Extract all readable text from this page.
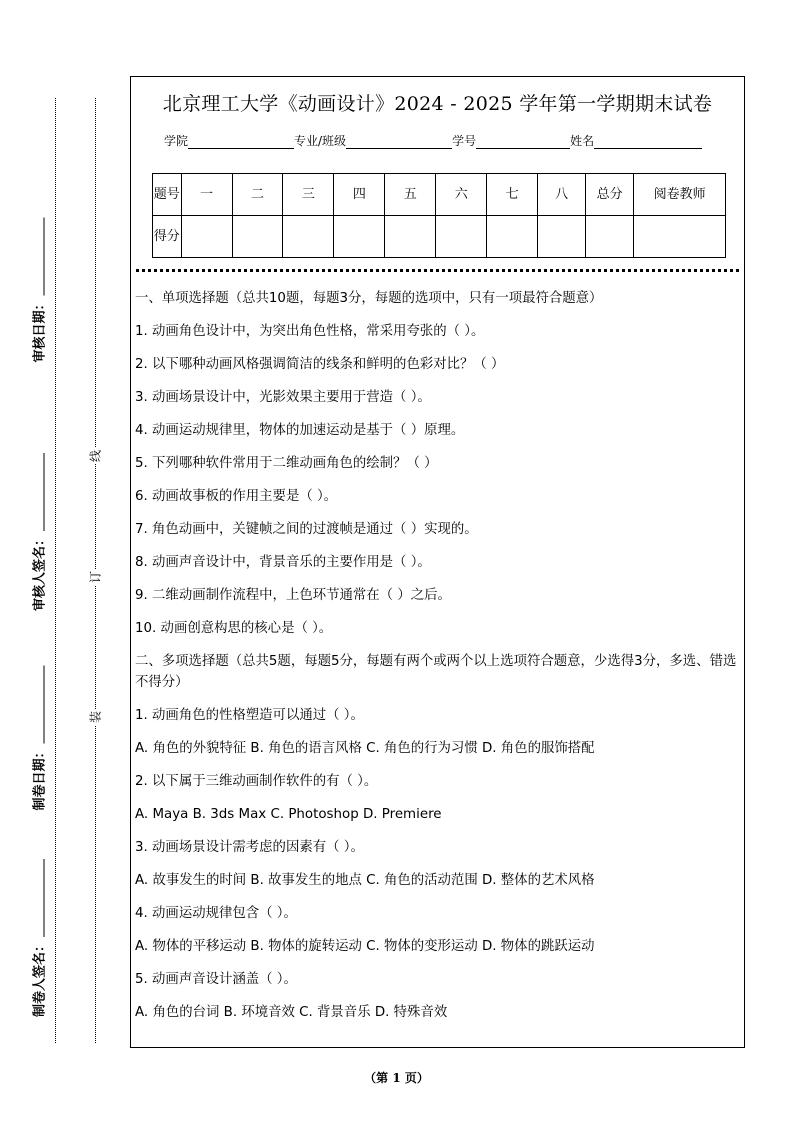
审核日期：
审核人签名：
制卷日期：
制卷人签名：
线
订
装
北京理工大学《动画设计》2024 - 2025 学年第一学期期末试卷
学院	专业/班级	学号	姓名
题号	一	二	三	四	五	六	七	八	总分	阅卷教师
得分										

一、单项选择题（总共10题，每题3分，每题的选项中，只有一项最符合题意）

1. 动画角色设计中，为突出角色性格，常采用夸张的（ ）。

2. 以下哪种动画风格强调简洁的线条和鲜明的色彩对比？（ ）

3. 动画场景设计中，光影效果主要用于营造（ ）。

4. 动画运动规律里，物体的加速运动是基于（ ）原理。

5. 下列哪种软件常用于二维动画角色的绘制？（ ）

6. 动画故事板的作用主要是（ ）。

7. 角色动画中，关键帧之间的过渡帧是通过（ ）实现的。

8. 动画声音设计中，背景音乐的主要作用是（ ）。

9. 二维动画制作流程中，上色环节通常在（ ）之后。

10. 动画创意构思的核心是（ ）。

二、多项选择题（总共5题，每题5分，每题有两个或两个以上选项符合题意，少选得3分，多选、错选不得分）

1. 动画角色的性格塑造可以通过（ ）。

A. 角色的外貌特征 B. 角色的语言风格 C. 角色的行为习惯 D. 角色的服饰搭配

2. 以下属于三维动画制作软件的有（ ）。

A. Maya B. 3ds Max C. Photoshop D. Premiere

3. 动画场景设计需考虑的因素有（ ）。

A. 故事发生的时间 B. 故事发生的地点 C. 角色的活动范围 D. 整体的艺术风格

4. 动画运动规律包含（ ）。

A. 物体的平移运动 B. 物体的旋转运动 C. 物体的变形运动 D. 物体的跳跃运动

5. 动画声音设计涵盖（ ）。

A. 角色的台词 B. 环境音效 C. 背景音乐 D. 特殊音效

（第 1 页）
